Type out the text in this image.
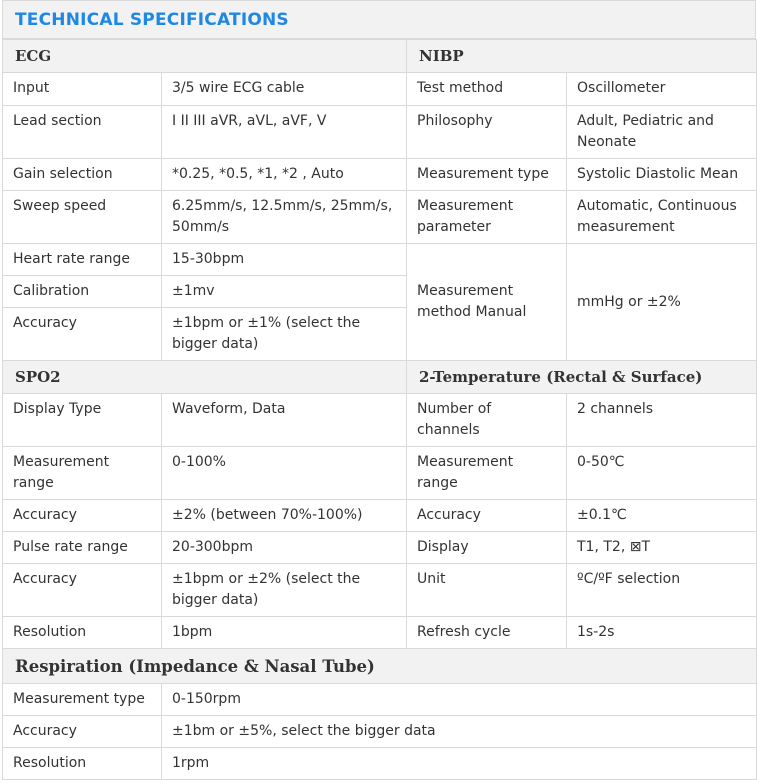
TECHNICAL SPECIFICATIONS
ECG		NIBP	
Input	3/5 wire ECG cable	Test method	Oscillometer
Lead section	I II III aVR, aVL, aVF, V	Philosophy	Adult, Pediatric and Neonate
Gain selection	*0.25, *0.5, *1, *2 , Auto	Measurement type	Systolic Diastolic Mean
Sweep speed	6.25mm/s, 12.5mm/s, 25mm/s, 50mm/s	Measurement parameter	Automatic, Continuous measurement
Heart rate range	15-30bpm	Measurement method Manual	mmHg or ±2%
Calibration	±1mv		
Accuracy	±1bpm or ±1% (select the bigger data)		
SPO2		2-Temperature (Rectal & Surface)	
Display Type	Waveform, Data	Number of channels	2 channels
Measurement range	0-100%	Measurement range	0-50℃
Accuracy	±2% (between 70%-100%)	Accuracy	±0.1℃
Pulse rate range	20-300bpm	Display	T1, T2, ⊠T
Accuracy	±1bpm or ±2% (select the bigger data)	Unit	ºC/ºF selection
Resolution	1bpm	Refresh cycle	1s-2s
Respiration (Impedance & Nasal Tube)			
Measurement type	0-150rpm		
Accuracy	±1bm or ±5%, select the bigger data		
Resolution	1rpm		
